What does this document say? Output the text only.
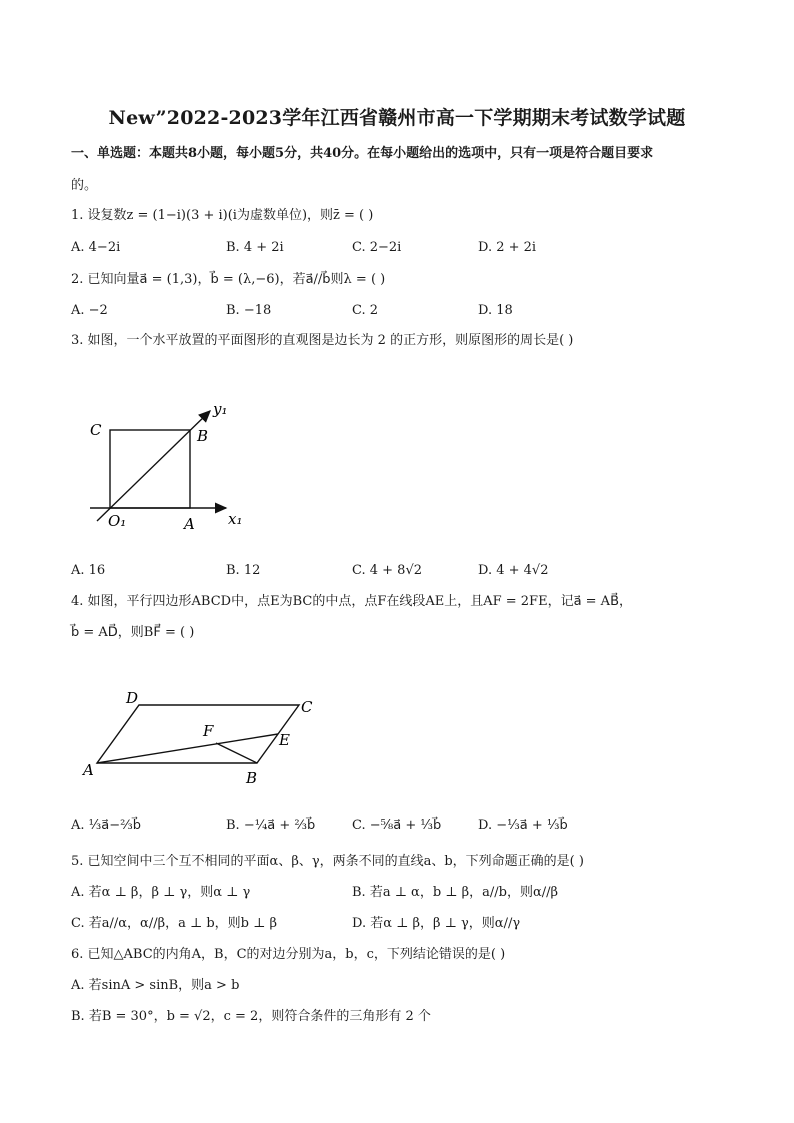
New”2022-2023学年江西省赣州市高一下学期期末考试数学试题
一、单选题：本题共8小题，每小题5分，共40分。在每小题给出的选项中，只有一项是符合题目要求
的。
1. 设复数z = (1−i)(3 + i)(i为虚数单位)，则z̄ = ( )
A. 4−2i	B. 4 + 2i	C. 2−2i	D. 2 + 2i
2. 已知向量a⃗ = (1,3)，b⃗ = (λ,−6)，若a⃗//b⃗则λ = ( )
A. −2	B. −18	C. 2	D. 18
3. 如图，一个水平放置的平面图形的直观图是边长为 2 的正方形，则原图形的周长是( )
C	B
y₁
O₁	A x₁
A. 16	B. 12	C. 4 + 8√2	D. 4 + 4√2
4. 如图，平行四边形ABCD中，点E为BC的中点，点F在线段AE上，且AF = 2FE，记a⃗ = AB⃗，
b⃗ = AD⃗，则BF⃗ = ( )
D	C
F	E
A	B
A. ⅓a⃗−⅔b⃗	B. −¼a⃗ + ⅔b⃗	C. −⅝a⃗ + ⅓b⃗	D. −⅓a⃗ + ⅓b⃗
5. 已知空间中三个互不相同的平面α、β、γ，两条不同的直线a、b，下列命题正确的是( )
A. 若α ⊥ β，β ⊥ γ，则α ⊥ γ	B. 若a ⊥ α，b ⊥ β，a//b，则α//β
C. 若a//α，α//β，a ⊥ b，则b ⊥ β	D. 若α ⊥ β，β ⊥ γ，则α//γ
6. 已知△ABC的内角A，B，C的对边分别为a，b，c，下列结论错误的是( )
A. 若sinA > sinB，则a > b
B. 若B = 30°，b = √2，c = 2，则符合条件的三角形有 2 个
